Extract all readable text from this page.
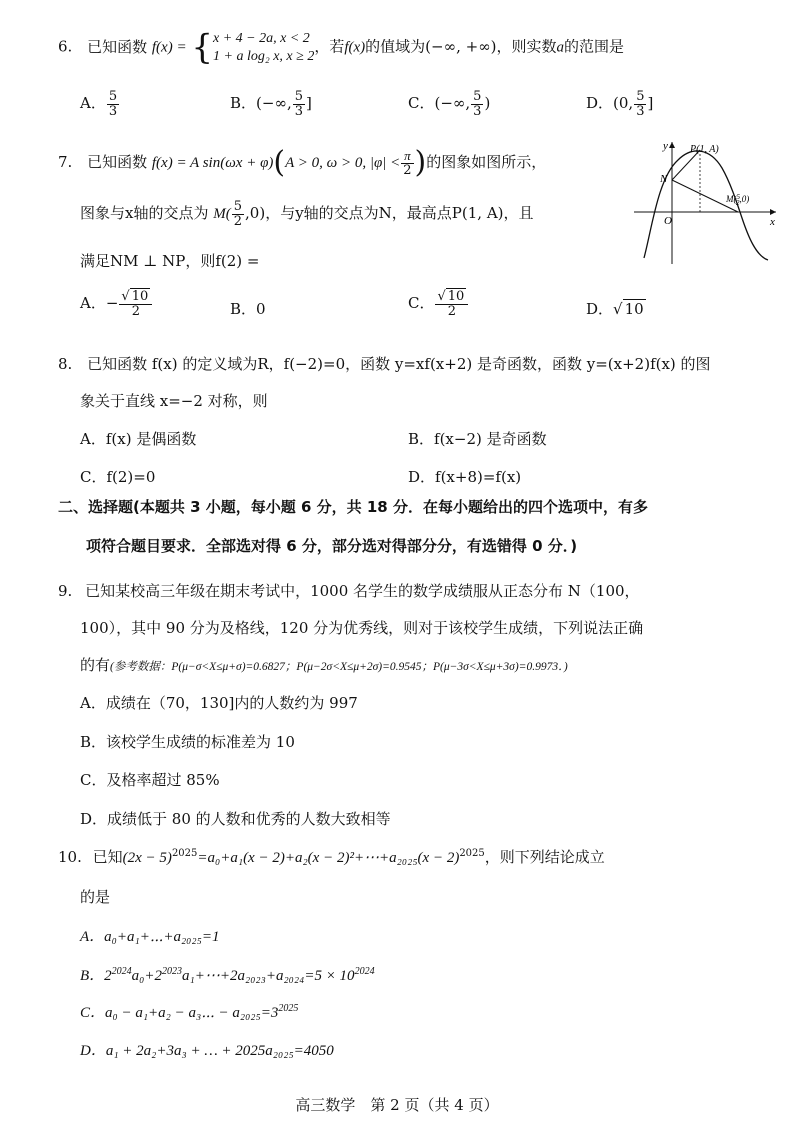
6. 已知函数 f(x) = { x + 4 − 2a, x < 2
1 + a log₂ x, x ≥ 2
，若f(x)的值域为(−∞, +∞)，则实数a的范围是
A． $\frac{5}{3}$	B．(−∞, $\frac{5}{3}$ ]	C．(−∞, $\frac{5}{3}$ )	D．(0, $\frac{5}{3}$ ]
7. 已知函数 f(x) = A sin(ωx + φ)(A > 0, ω > 0, $|\varphi| < \frac{\pi}{2}$ )的图象如图所示，
图象与x轴的交点为 $M( \frac{5}{2} ,0)$，与y轴的交点为N，最高点P(1, A)，且
满足NM ⊥ NP，则f(2) =
A．− $\frac{√ 10}{2}$	B．0	C． $\frac{√ 10}{2}$	D．√ 10
y
x
O
N
P(1, A)
M($^5$ 2,0)
8. 已知函数 f(x) 的定义域为R，f(−2)=0，函数 y=xf(x+2) 是奇函数，函数 y=(x+2)f(x) 的图
象关于直线 x=−2 对称，则
A．f(x) 是偶函数	B．f(x−2) 是奇函数
C．f(2)=0	D．f(x+8)=f(x)
二、选择题(本题共 3 小题，每小题 6 分，共 18 分．在每小题给出的四个选项中，有多
项符合题目要求．全部选对得 6 分，部分选对得部分分，有选错得 0 分．)
9. 已知某校高三年级在期末考试中，1000 名学生的数学成绩服从正态分布 N（100，
100），其中 90 分为及格线，120 分为优秀线，则对于该校学生成绩，下列说法正确
的有(参考数据：P(μ−σ<X≤μ+σ)=0.6827；P(μ−2σ<X≤μ+2σ)=0.9545；P(μ−3σ<X≤μ+3σ)=0.9973．)
A．成绩在（70，130]内的人数约为 997
B．该校学生成绩的标准差为 10
C．及格率超过 85%
D．成绩低于 80 的人数和优秀的人数大致相等
10. 已知$(2x - 5)^{2025}=a_0+a_1(x - 2)+a_2(x$ − 2)²+⋯+a₂₀₂₅(x − 2)$^{2025}$，则下列结论成立
的是
A．a₀+a₁+⋯+a₂₀₂₅=1
B．$2^{2024}a_0+2^{2023}a_1+\cdots+2a_{2023}+a_{2024}=5 \times 10^{2024}$
C．a₀ − a₁+a₂ − a₃⋯ − $a_{2025}=3^{2025}$
D．a₁ + 2a₂+3a₃ + … + 2025a₂₀₂₅=4050
高三数学　第 2 页（共 4 页）
